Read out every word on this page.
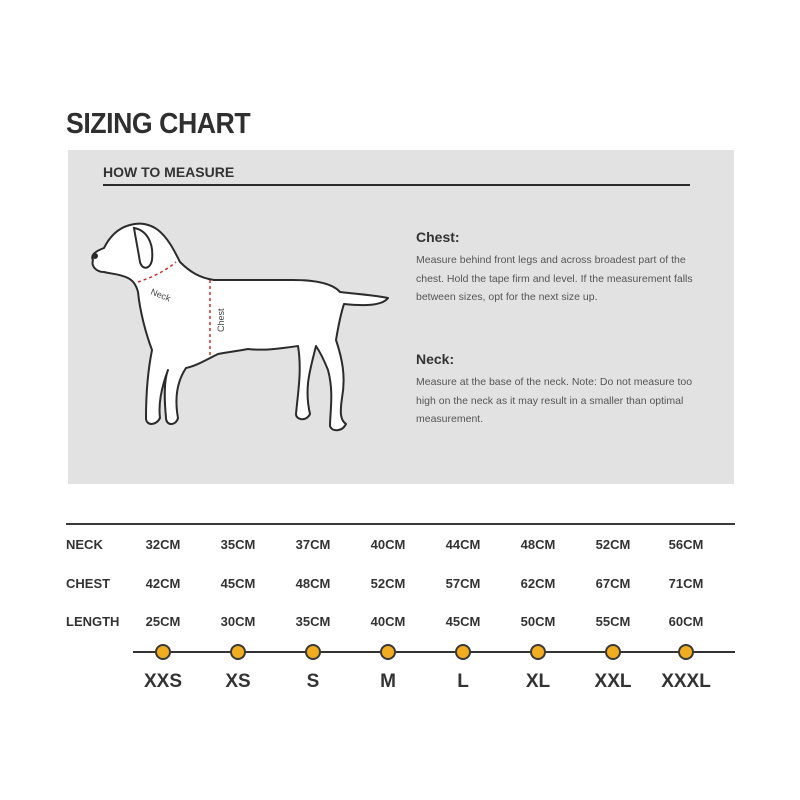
SIZING CHART
HOW TO MEASURE
Neck
Chest
Chest:

Measure behind front legs and across broadest part of the chest. Hold the tape firm and level. If the measurement falls between sizes, opt for the next size up.

Neck:

Measure at the base of the neck. Note: Do not measure too high on the neck as it may result in a smaller than optimal measurement.

NECK	32CM	35CM	37CM	40CM	44CM	48CM	52CM	56CM
CHEST	42CM	45CM	48CM	52CM	57CM	62CM	67CM	71CM
LENGTH	25CM	30CM	35CM	40CM	45CM	50CM	55CM	60CM
XXS	XS	S	M	L	XL	XXL	XXXL
